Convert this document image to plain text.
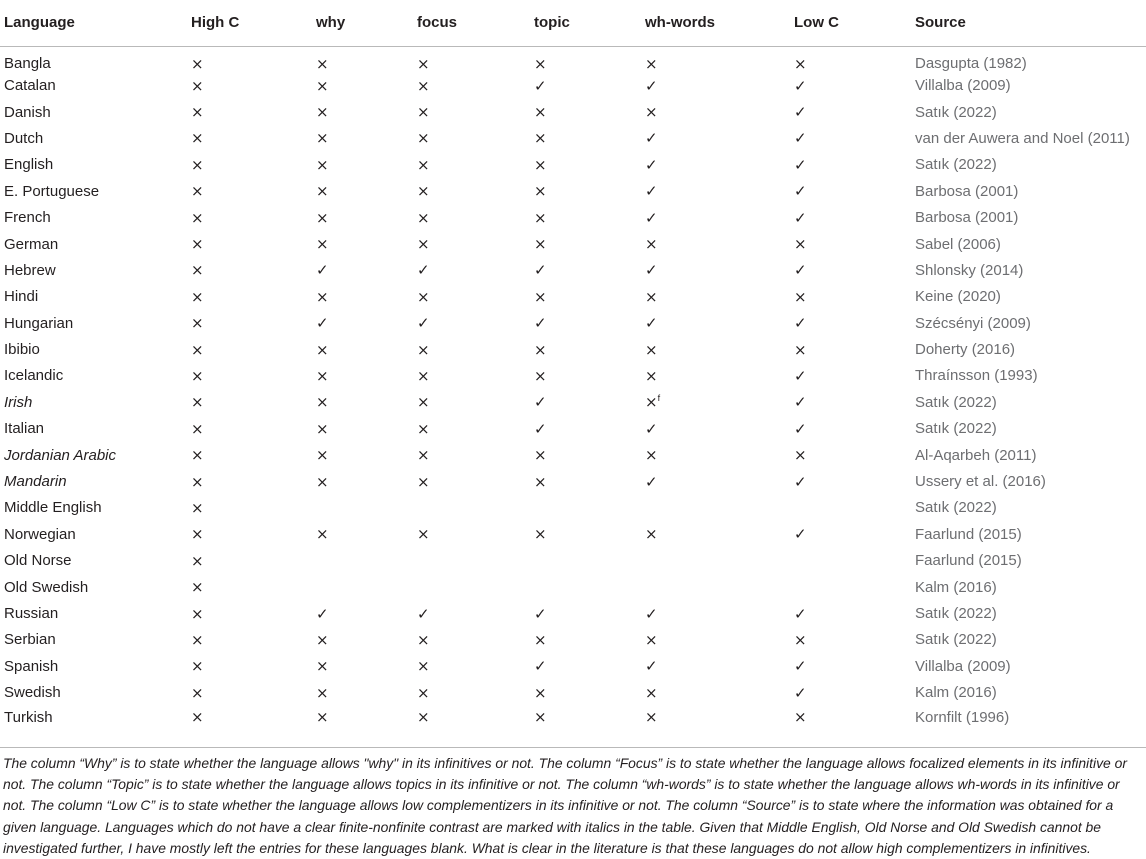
Language	High C	why	focus	topic	wh-words	Low C	Source
Bangla	×	×	×	×	×	×	Dasgupta (1982)
Catalan	×	×	×	✓	✓	✓	Villalba (2009)
Danish	×	×	×	×	×	✓	Satık (2022)
Dutch	×	×	×	×	✓	✓	van der Auwera and Noel (2011)
English	×	×	×	×	✓	✓	Satık (2022)
E. Portuguese	×	×	×	×	✓	✓	Barbosa (2001)
French	×	×	×	×	✓	✓	Barbosa (2001)
German	×	×	×	×	×	×	Sabel (2006)
Hebrew	×	✓	✓	✓	✓	✓	Shlonsky (2014)
Hindi	×	×	×	×	×	×	Keine (2020)
Hungarian	×	✓	✓	✓	✓	✓	Szécsényi (2009)
Ibibio	×	×	×	×	×	×	Doherty (2016)
Icelandic	×	×	×	×	×	✓	Thraínsson (1993)
Irish	×	×	×	✓	×$^f$	✓	Satık (2022)
Italian	×	×	×	✓	✓	✓	Satık (2022)
Jordanian Arabic	×	×	×	×	×	×	Al-Aqarbeh (2011)
Mandarin	×	×	×	×	✓	✓	Ussery et al. (2016)
Middle English	×						Satık (2022)
Norwegian	×	×	×	×	×	✓	Faarlund (2015)
Old Norse	×						Faarlund (2015)
Old Swedish	×						Kalm (2016)
Russian	×	✓	✓	✓	✓	✓	Satık (2022)
Serbian	×	×	×	×	×	×	Satık (2022)
Spanish	×	×	×	✓	✓	✓	Villalba (2009)
Swedish	×	×	×	×	×	✓	Kalm (2016)
Turkish	×	×	×	×	×	×	Kornfilt (1996)
The column “Why” is to state whether the language allows "why" in its infinitives or not. The column “Focus” is to state whether the language allows focalized elements in its infinitive or not. The column “Topic” is to state whether the language allows topics in its infinitive or not. The column “wh-words” is to state whether the language allows wh-words in its infinitive or not. The column “Low C” is to state whether the language allows low complementizers in its infinitive or not. The column “Source” is to state where the information was obtained for a given language. Languages which do not have a clear finite-nonfinite contrast are marked with italics in the table. Given that Middle English, Old Norse and Old Swedish cannot be investigated further, I have mostly left the entries for these languages blank. What is clear in the literature is that these languages do not allow high complementizers in infinitives.
